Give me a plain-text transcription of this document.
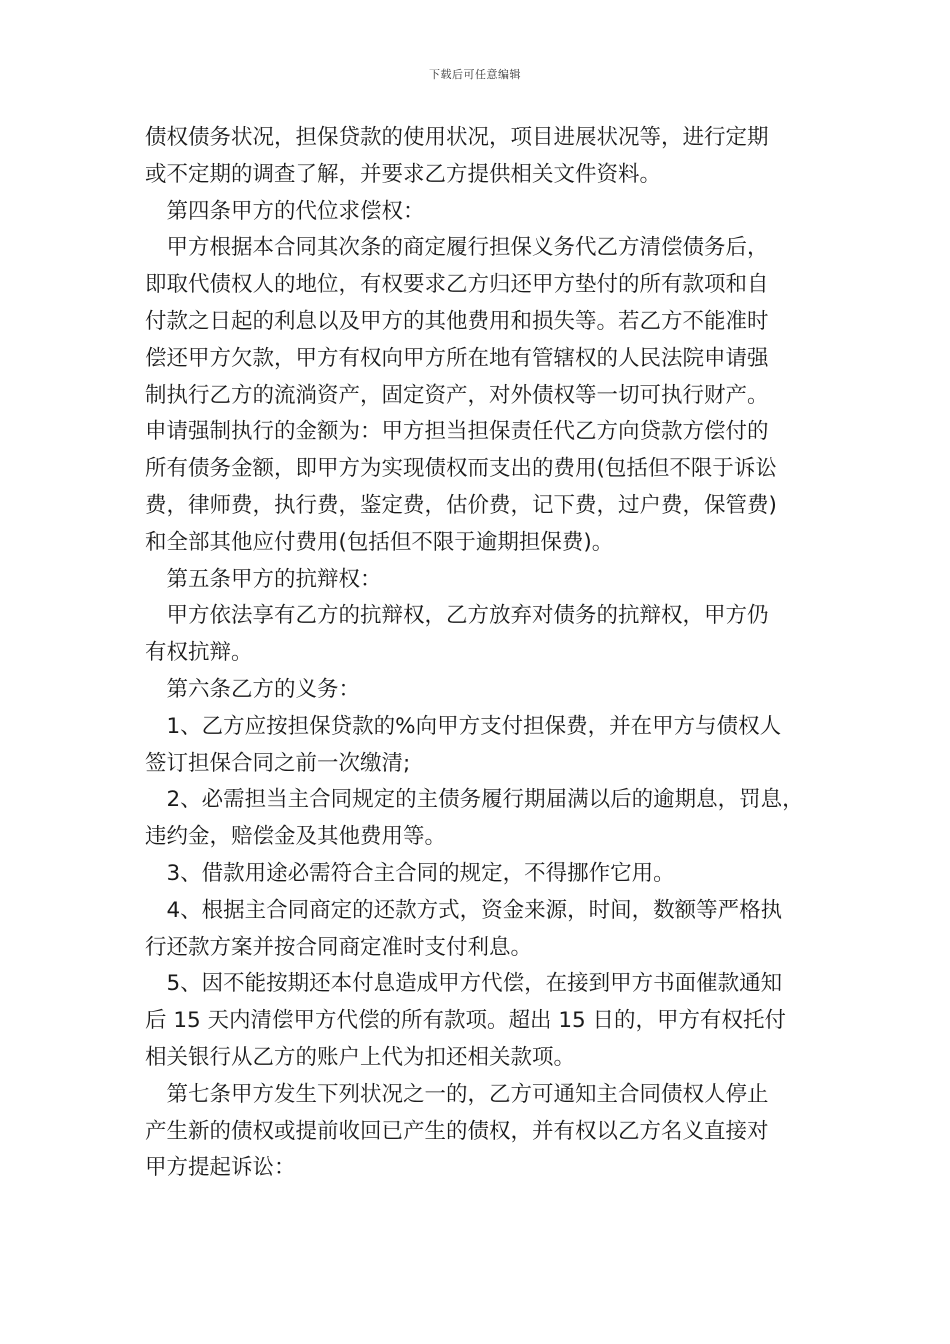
下载后可任意编辑
债权债务状况，担保贷款的使用状况，项目进展状况等，进行定期
或不定期的调查了解，并要求乙方提供相关文件资料。
　第四条甲方的代位求偿权：
　甲方根据本合同其次条的商定履行担保义务代乙方清偿债务后，
即取代债权人的地位，有权要求乙方归还甲方垫付的所有款项和自
付款之日起的利息以及甲方的其他费用和损失等。若乙方不能准时
偿还甲方欠款，甲方有权向甲方所在地有管辖权的人民法院申请强
制执行乙方的流淌资产，固定资产，对外债权等一切可执行财产。
申请强制执行的金额为：甲方担当担保责任代乙方向贷款方偿付的
所有债务金额，即甲方为实现债权而支出的费用(包括但不限于诉讼
费，律师费，执行费，鉴定费，估价费，记下费，过户费，保管费)
和全部其他应付费用(包括但不限于逾期担保费)。
　第五条甲方的抗辩权：
　甲方依法享有乙方的抗辩权，乙方放弃对债务的抗辩权，甲方仍
有权抗辩。
　第六条乙方的义务：
　1、乙方应按担保贷款的%向甲方支付担保费，并在甲方与债权人
签订担保合同之前一次缴清;
　2、必需担当主合同规定的主债务履行期届满以后的逾期息，罚息，
违约金，赔偿金及其他费用等。
　3、借款用途必需符合主合同的规定，不得挪作它用。
　4、根据主合同商定的还款方式，资金来源，时间，数额等严格执
行还款方案并按合同商定准时支付利息。
　5、因不能按期还本付息造成甲方代偿，在接到甲方书面催款通知
后 15 天内清偿甲方代偿的所有款项。超出 15 日的，甲方有权托付
相关银行从乙方的账户上代为扣还相关款项。
　第七条甲方发生下列状况之一的，乙方可通知主合同债权人停止
产生新的债权或提前收回已产生的债权，并有权以乙方名义直接对
甲方提起诉讼：
